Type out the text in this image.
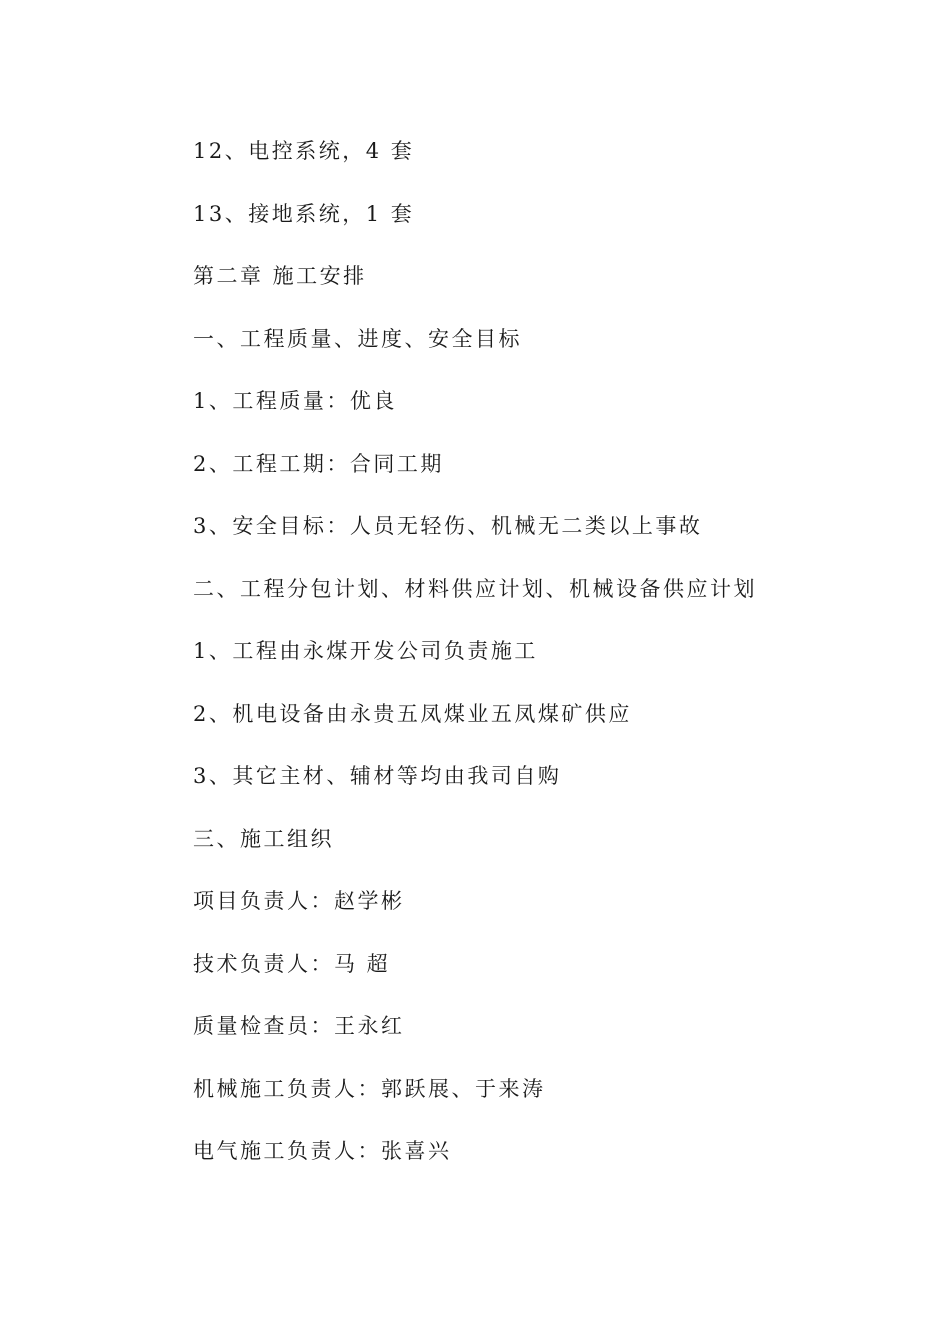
12、电控系统，4 套
13、接地系统，1 套
第二章 施工安排
一、工程质量、进度、安全目标
1、工程质量：优良
2、工程工期：合同工期
3、安全目标：人员无轻伤、机械无二类以上事故
二、工程分包计划、材料供应计划、机械设备供应计划
1、工程由永煤开发公司负责施工
2、机电设备由永贵五凤煤业五凤煤矿供应
3、其它主材、辅材等均由我司自购
三、施工组织
项目负责人：赵学彬
技术负责人：马 超
质量检查员：王永红
机械施工负责人：郭跃展、于来涛
电气施工负责人：张喜兴
